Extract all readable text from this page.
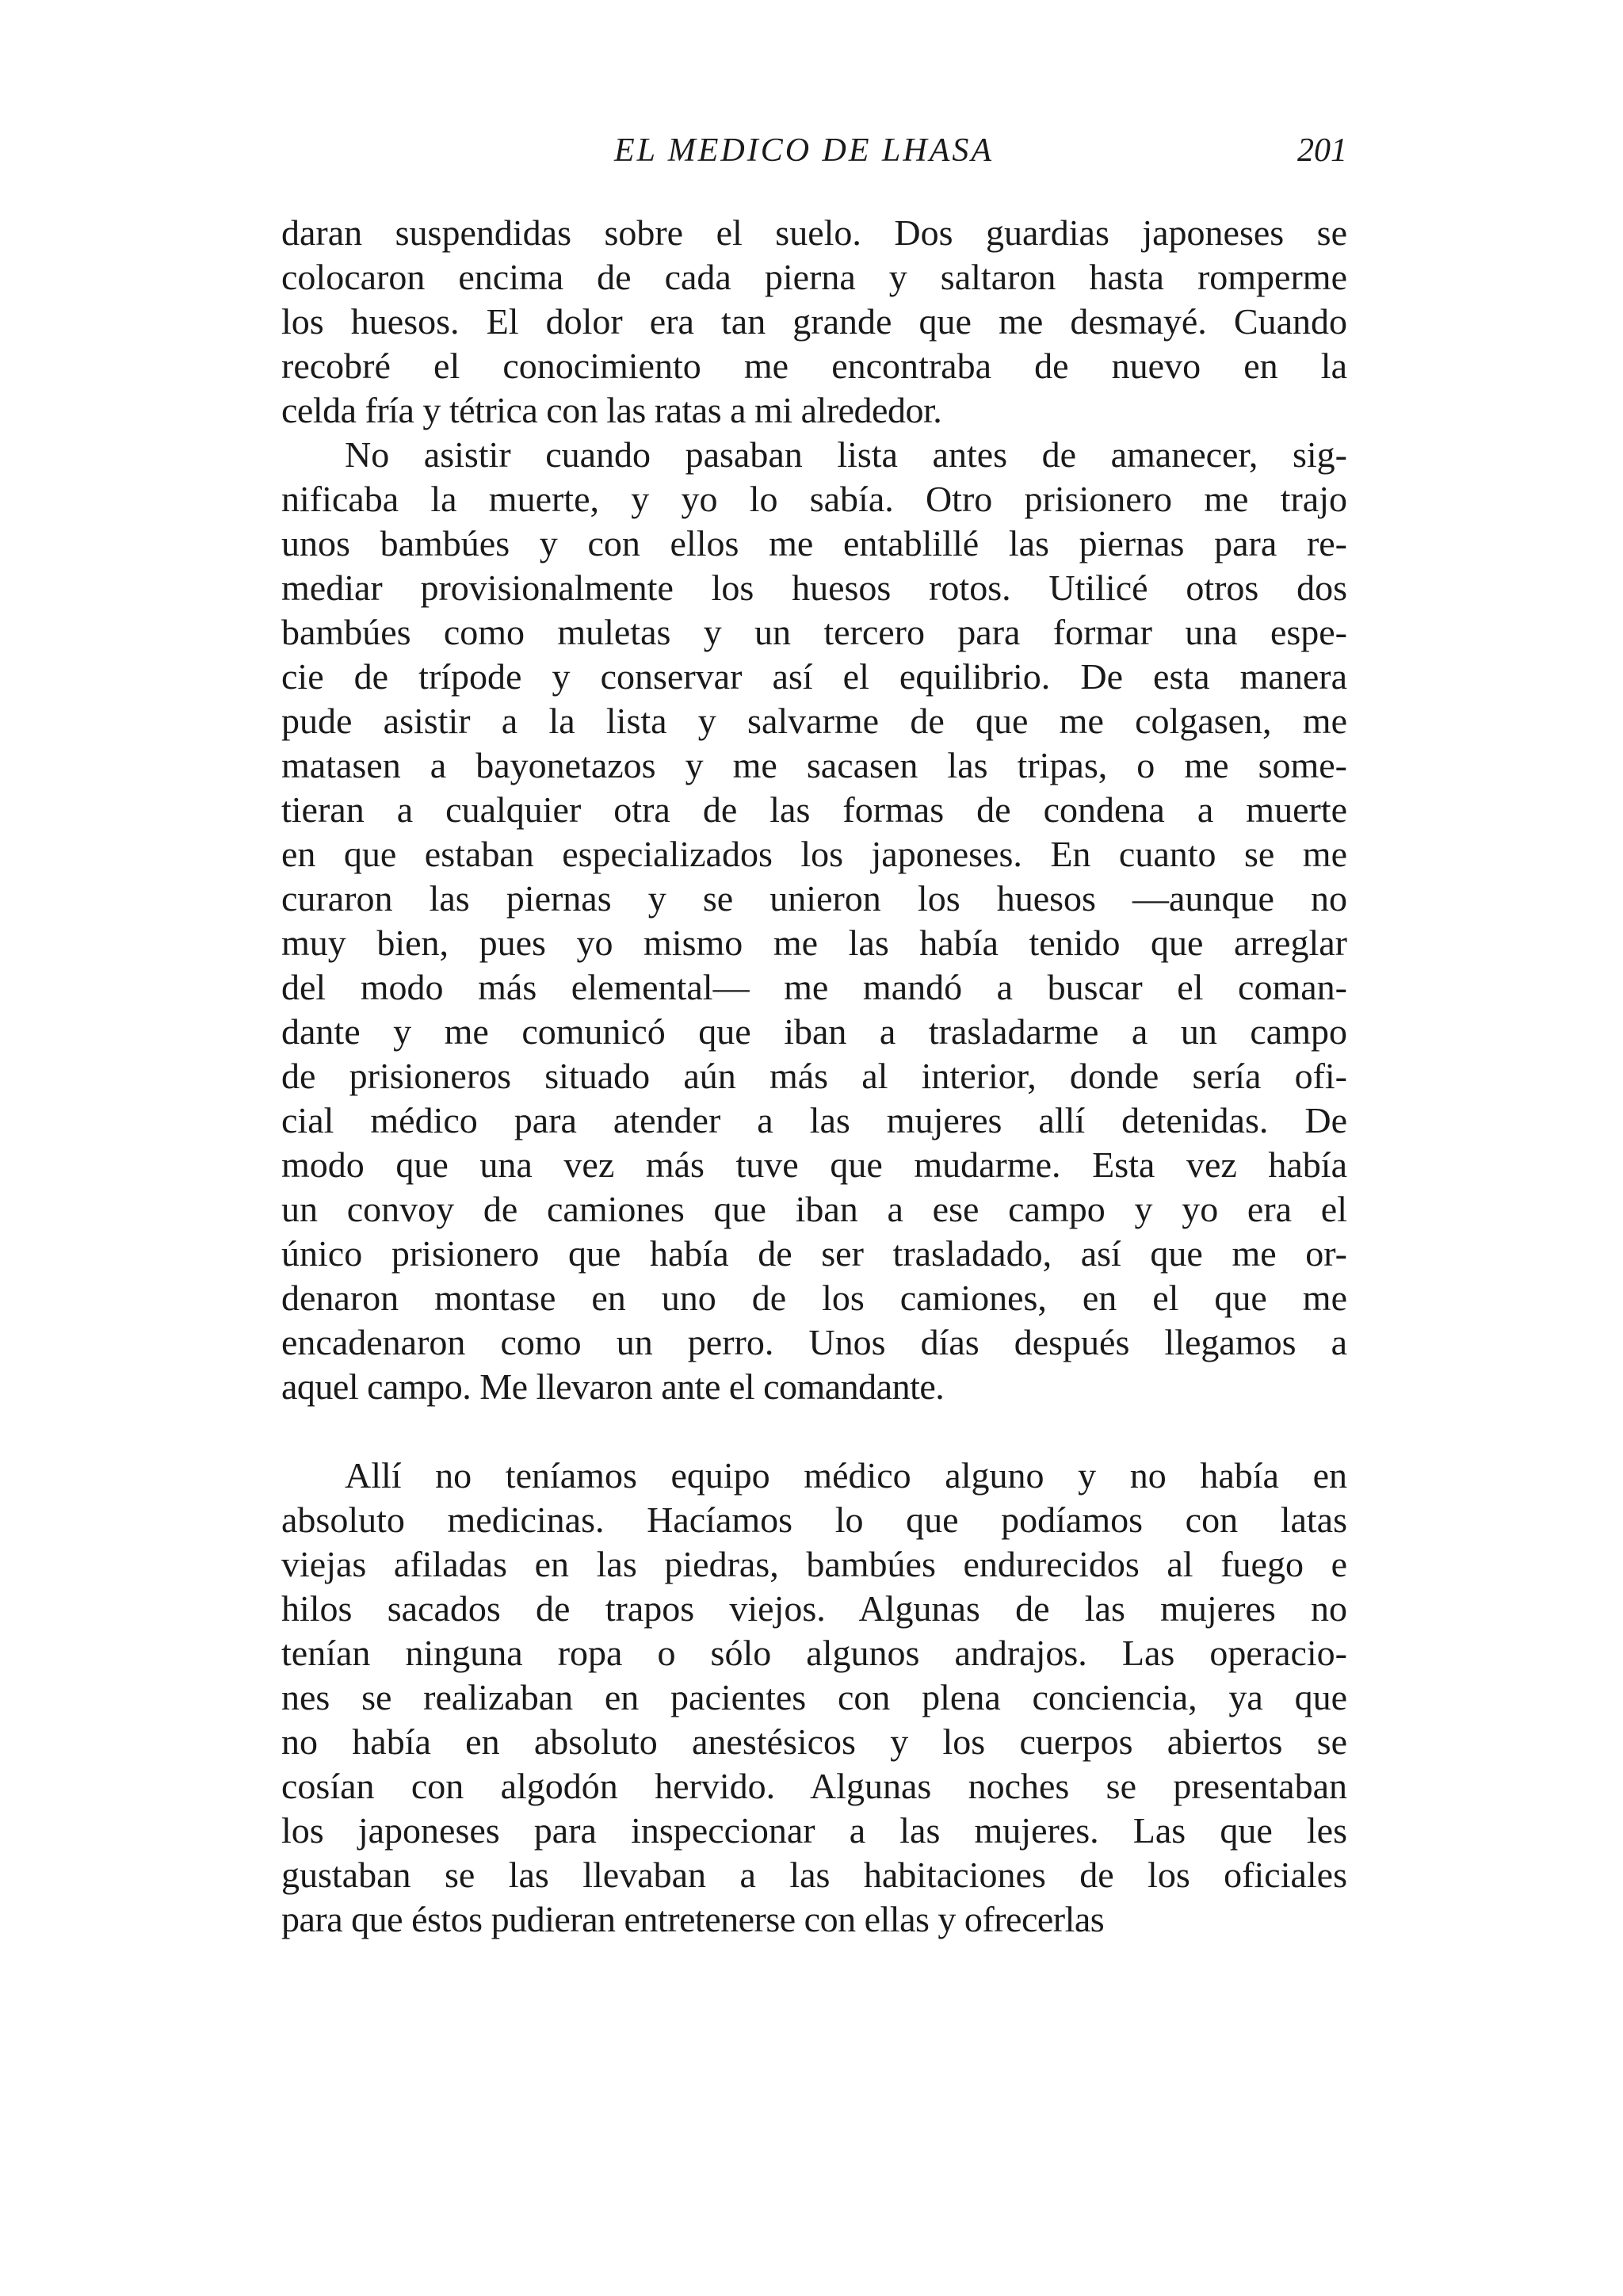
EL MEDICO DE LHASA	201
daran suspendidas sobre el suelo. Dos guardias japoneses se
colocaron encima de cada pierna y saltaron hasta romperme
los huesos. El dolor era tan grande que me desmayé. Cuando
recobré el conocimiento me encontraba de nuevo en la
celda fría y tétrica con las ratas a mi alrededor.
No asistir cuando pasaban lista antes de amanecer, sig-
nificaba la muerte, y yo lo sabía. Otro prisionero me trajo
unos bambúes y con ellos me entablillé las piernas para re-
mediar provisionalmente los huesos rotos. Utilicé otros dos
bambúes como muletas y un tercero para formar una espe-
cie de trípode y conservar así el equilibrio. De esta manera
pude asistir a la lista y salvarme de que me colgasen, me
matasen a bayonetazos y me sacasen las tripas, o me some-
tieran a cualquier otra de las formas de condena a muerte
en que estaban especializados los japoneses. En cuanto se me
curaron las piernas y se unieron los huesos —aunque no
muy bien, pues yo mismo me las había tenido que arreglar
del modo más elemental— me mandó a buscar el coman-
dante y me comunicó que iban a trasladarme a un campo
de prisioneros situado aún más al interior, donde sería ofi-
cial médico para atender a las mujeres allí detenidas. De
modo que una vez más tuve que mudarme. Esta vez había
un convoy de camiones que iban a ese campo y yo era el
único prisionero que había de ser trasladado, así que me or-
denaron montase en uno de los camiones, en el que me
encadenaron como un perro. Unos días después llegamos a
aquel campo. Me llevaron ante el comandante.
Allí no teníamos equipo médico alguno y no había en
absoluto medicinas. Hacíamos lo que podíamos con latas
viejas afiladas en las piedras, bambúes endurecidos al fuego e
hilos sacados de trapos viejos. Algunas de las mujeres no
tenían ninguna ropa o sólo algunos andrajos. Las operacio-
nes se realizaban en pacientes con plena conciencia, ya que
no había en absoluto anestésicos y los cuerpos abiertos se
cosían con algodón hervido. Algunas noches se presentaban
los japoneses para inspeccionar a las mujeres. Las que les
gustaban se las llevaban a las habitaciones de los oficiales
para que éstos pudieran entretenerse con ellas y ofrecerlas
